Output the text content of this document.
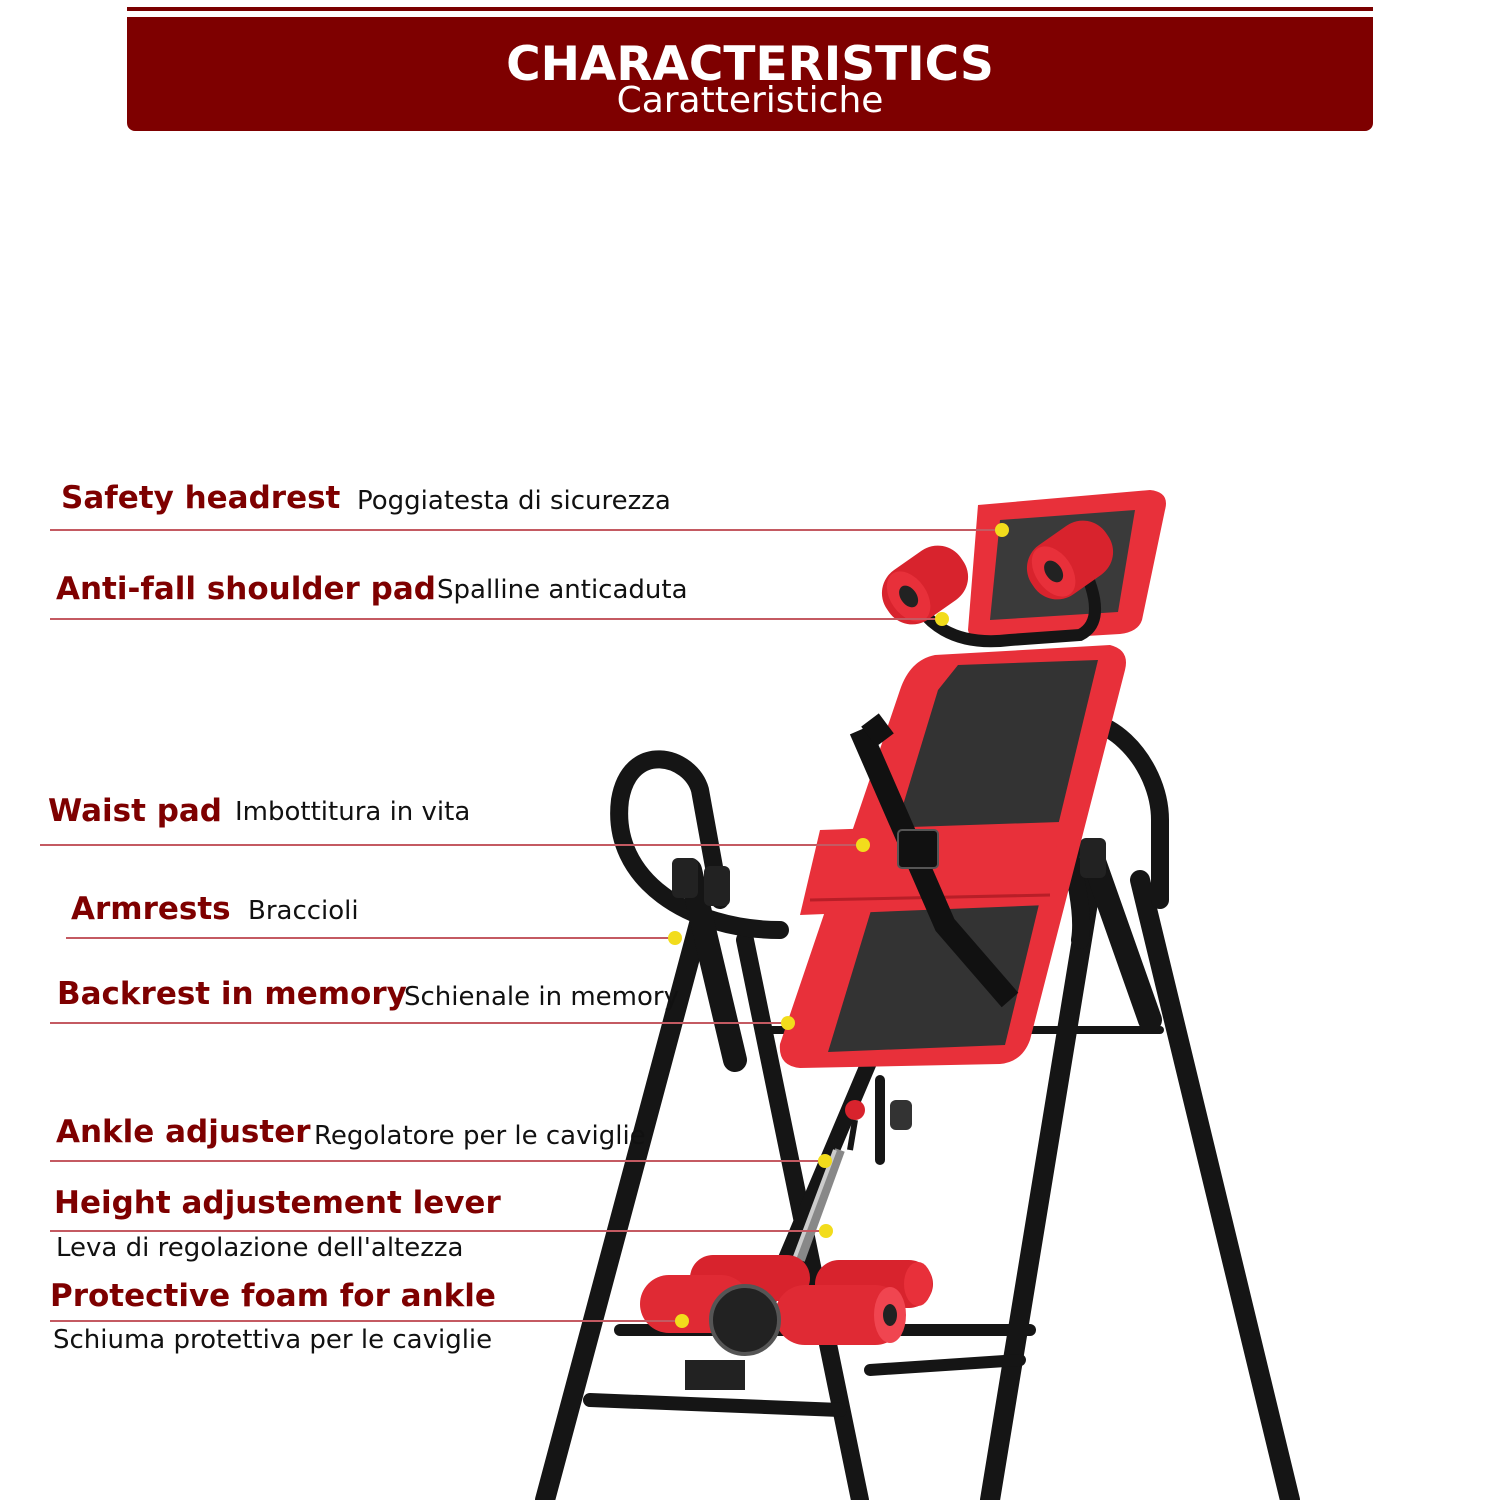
CHARACTERISTICS
Caratteristiche
Safety headrest Poggiatesta di sicurezza
Anti-fall shoulder pad Spalline anticaduta
Waist pad Imbottitura in vita
Armrests Braccioli
Backrest in memory
Schienale in memory
Ankle adjuster Regolatore per le caviglie
Height adjustement lever
Leva di regolazione dell'altezza
Protective foam for ankle
Schiuma protettiva per le caviglie
